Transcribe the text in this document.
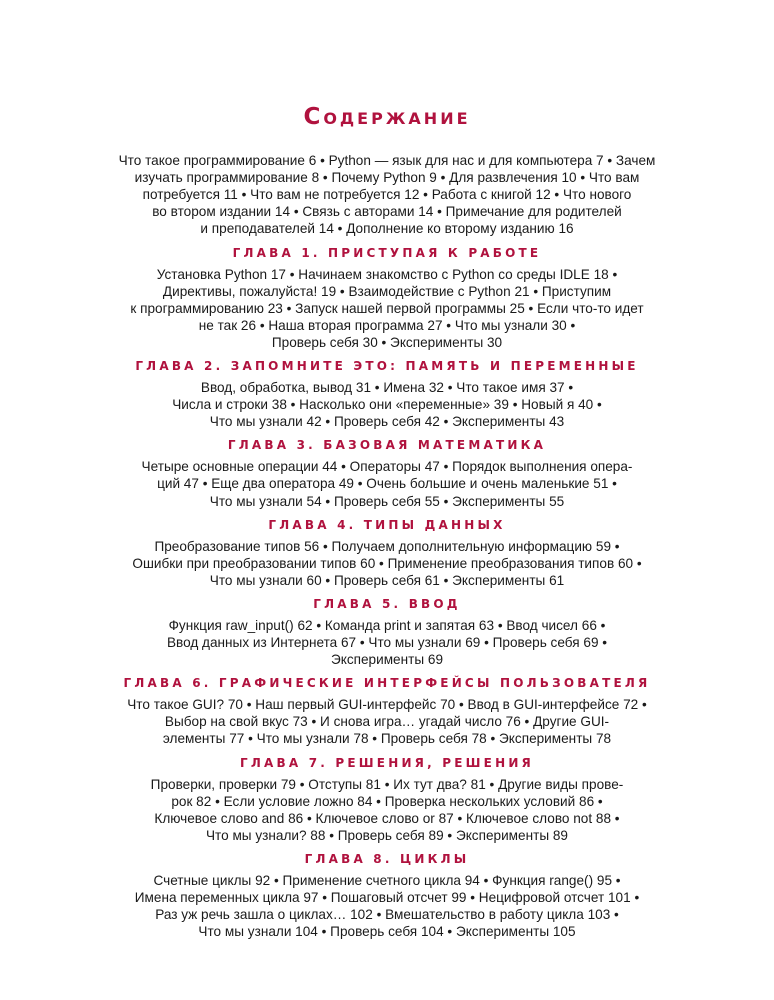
Содержание
Что такое программирование 6 • Python — язык для нас и для компьютера 7 • Зачем
изучать программирование 8 • Почему Python 9 • Для развлечения 10 • Что вам
потребуется 11 • Что вам не потребуется 12 • Работа с книгой 12 • Что нового
во втором издании 14 • Связь с авторами 14 • Примечание для родителей
и преподавателей 14 • Дополнение ко второму изданию 16
ГЛАВА 1. ПРИСТУПАЯ К РАБОТЕ
Установка Python 17 • Начинаем знакомство с Python со среды IDLE 18 •
Директивы, пожалуйста! 19 • Взаимодействие с Python 21 • Приступим
к программированию 23 • Запуск нашей первой программы 25 • Если что-то идет
не так 26 • Наша вторая программа 27 • Что мы узнали 30 •
Проверь себя 30 • Эксперименты 30
ГЛАВА 2. ЗАПОМНИТЕ ЭТО: ПАМЯТЬ И ПЕРЕМЕННЫЕ
Ввод, обработка, вывод 31 • Имена 32 • Что такое имя 37 •
Числа и строки 38 • Насколько они «переменные» 39 • Новый я 40 •
Что мы узнали 42 • Проверь себя 42 • Эксперименты 43
ГЛАВА 3. БАЗОВАЯ МАТЕМАТИКА
Четыре основные операции 44 • Операторы 47 • Порядок выполнения опера-
ций 47 • Еще два оператора 49 • Очень большие и очень маленькие 51 •
Что мы узнали 54 • Проверь себя 55 • Эксперименты 55
ГЛАВА 4. ТИПЫ ДАННЫХ
Преобразование типов 56 • Получаем дополнительную информацию 59 •
Ошибки при преобразовании типов 60 • Применение преобразования типов 60 •
Что мы узнали 60 • Проверь себя 61 • Эксперименты 61
ГЛАВА 5. ВВОД
Функция raw_input() 62 • Команда print и запятая 63 • Ввод чисел 66 •
Ввод данных из Интернета 67 • Что мы узнали 69 • Проверь себя 69 •
Эксперименты 69
ГЛАВА 6. ГРАФИЧЕСКИЕ ИНТЕРФЕЙСЫ ПОЛЬЗОВАТЕЛЯ
Что такое GUI? 70 • Наш первый GUI-интерфейс 70 • Ввод в GUI-интерфейсе 72 •
Выбор на свой вкус 73 • И снова игра… угадай число 76 • Другие GUI-
элементы 77 • Что мы узнали 78 • Проверь себя 78 • Эксперименты 78
ГЛАВА 7. РЕШЕНИЯ, РЕШЕНИЯ
Проверки, проверки 79 • Отступы 81 • Их тут два? 81 • Другие виды прове-
рок 82 • Если условие ложно 84 • Проверка нескольких условий 86 •
Ключевое слово and 86 • Ключевое слово or 87 • Ключевое слово not 88 •
Что мы узнали? 88 • Проверь себя 89 • Эксперименты 89
ГЛАВА 8. ЦИКЛЫ
Счетные циклы 92 • Применение счетного цикла 94 • Функция range() 95 •
Имена переменных цикла 97 • Пошаговый отсчет 99 • Нецифровой отсчет 101 •
Раз уж речь зашла о циклах… 102 • Вмешательство в работу цикла 103 •
Что мы узнали 104 • Проверь себя 104 • Эксперименты 105
